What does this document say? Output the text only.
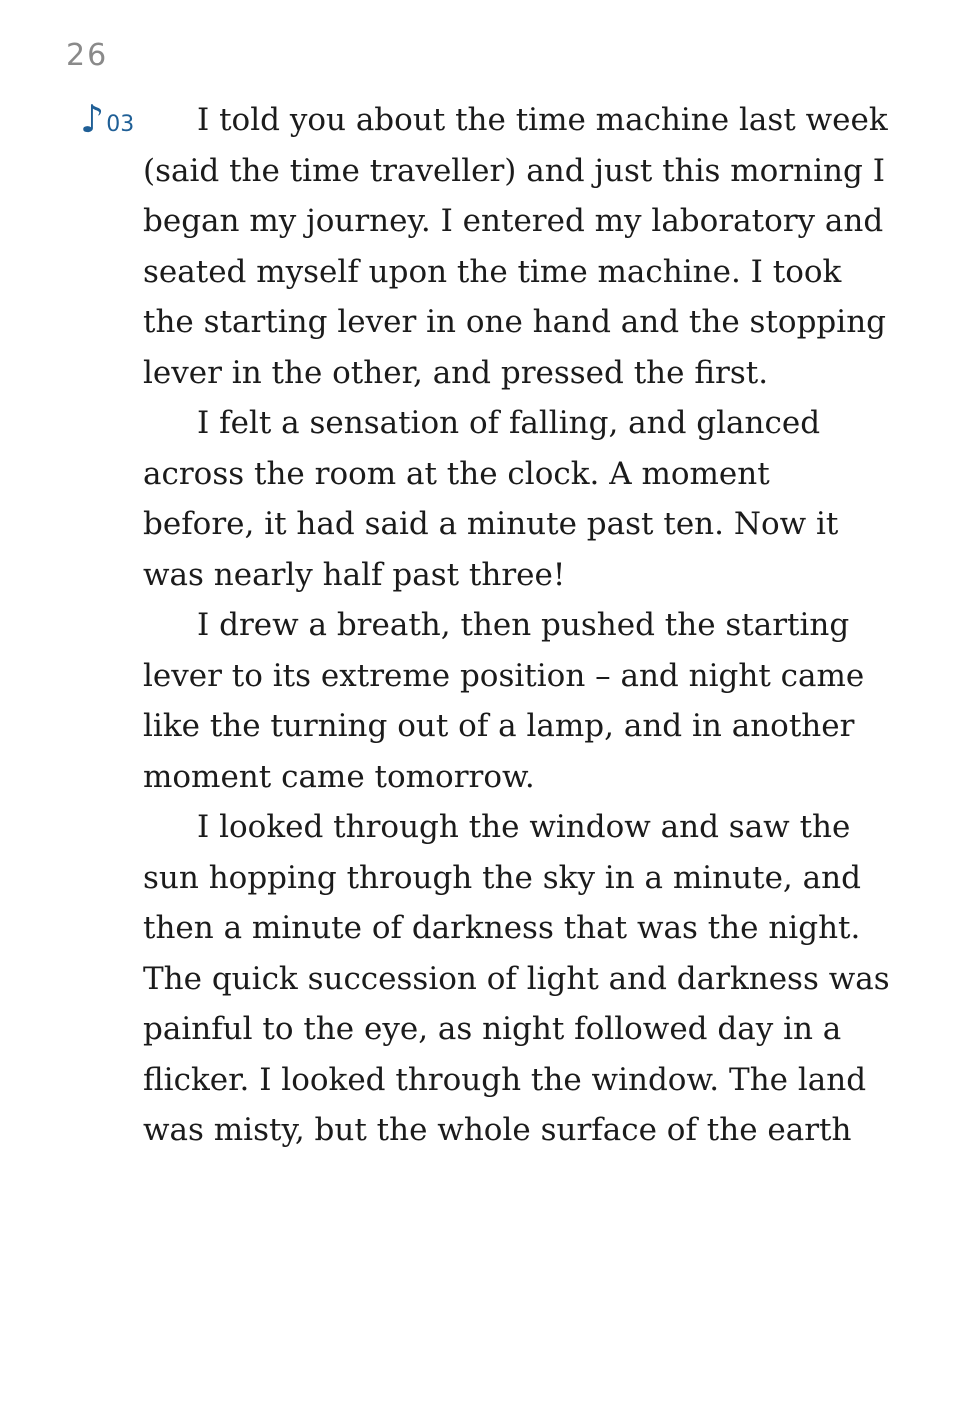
26
♪ 03	I told you about the time machine last week
(said the time traveller) and just this morning I
began my journey. I entered my laboratory and
seated myself upon the time machine. I took
the starting lever in one hand and the stopping
lever in the other, and pressed the first.
I felt a sensation of falling, and glanced
across the room at the clock. A moment
before, it had said a minute past ten. Now it
was nearly half past three!
I drew a breath, then pushed the starting
lever to its extreme position – and night came
like the turning out of a lamp, and in another
moment came tomorrow.
I looked through the window and saw the
sun hopping through the sky in a minute, and
then a minute of darkness that was the night.
The quick succession of light and darkness was
painful to the eye, as night followed day in a
flicker. I looked through the window. The land
was misty, but the whole surface of the earth
